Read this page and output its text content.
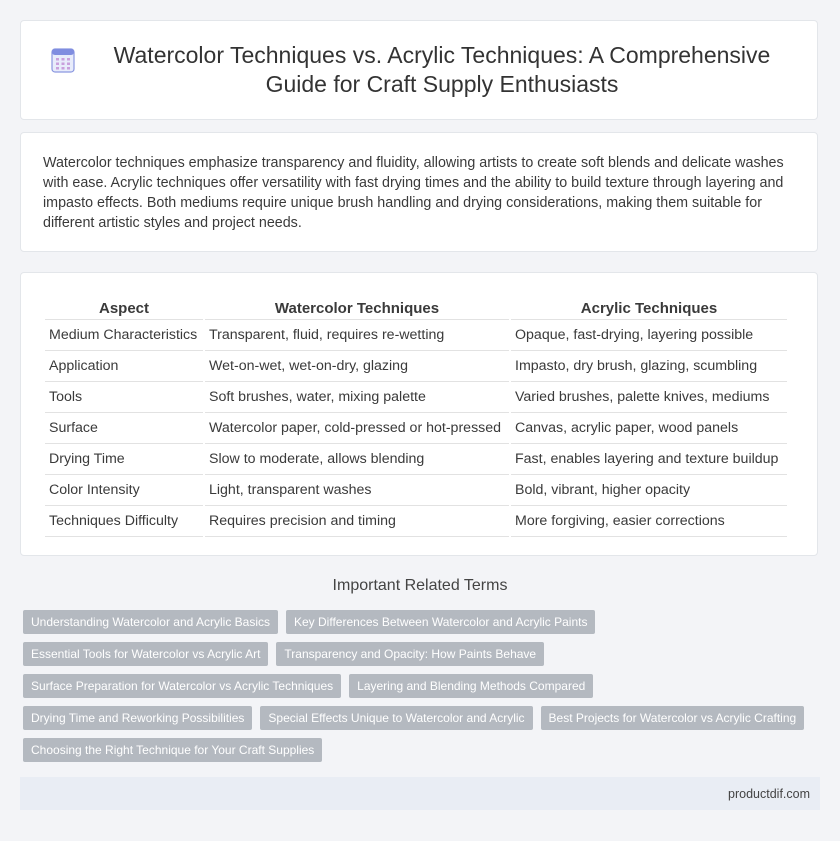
Watercolor Techniques vs. Acrylic Techniques: A Comprehensive Guide for Craft Supply Enthusiasts

Watercolor techniques emphasize transparency and fluidity, allowing artists to create soft blends and delicate washes with ease. Acrylic techniques offer versatility with fast drying times and the ability to build texture through layering and impasto effects. Both mediums require unique brush handling and drying considerations, making them suitable for different artistic styles and project needs.

Aspect	Watercolor Techniques	Acrylic Techniques
Medium Characteristics	Transparent, fluid, requires re-wetting	Opaque, fast-drying, layering possible
Application	Wet-on-wet, wet-on-dry, glazing	Impasto, dry brush, glazing, scumbling
Tools	Soft brushes, water, mixing palette	Varied brushes, palette knives, mediums
Surface	Watercolor paper, cold-pressed or hot-pressed	Canvas, acrylic paper, wood panels
Drying Time	Slow to moderate, allows blending	Fast, enables layering and texture buildup
Color Intensity	Light, transparent washes	Bold, vibrant, higher opacity
Techniques Difficulty	Requires precision and timing	More forgiving, easier corrections
Important Related Terms
Understanding Watercolor and Acrylic Basics	Key Differences Between Watercolor and Acrylic Paints
Essential Tools for Watercolor vs Acrylic Art	Transparency and Opacity: How Paints Behave
Surface Preparation for Watercolor vs Acrylic Techniques	Layering and Blending Methods Compared
Drying Time and Reworking Possibilities	Special Effects Unique to Watercolor and Acrylic	Best Projects for Watercolor vs Acrylic Crafting
Choosing the Right Technique for Your Craft Supplies
productdif.com
